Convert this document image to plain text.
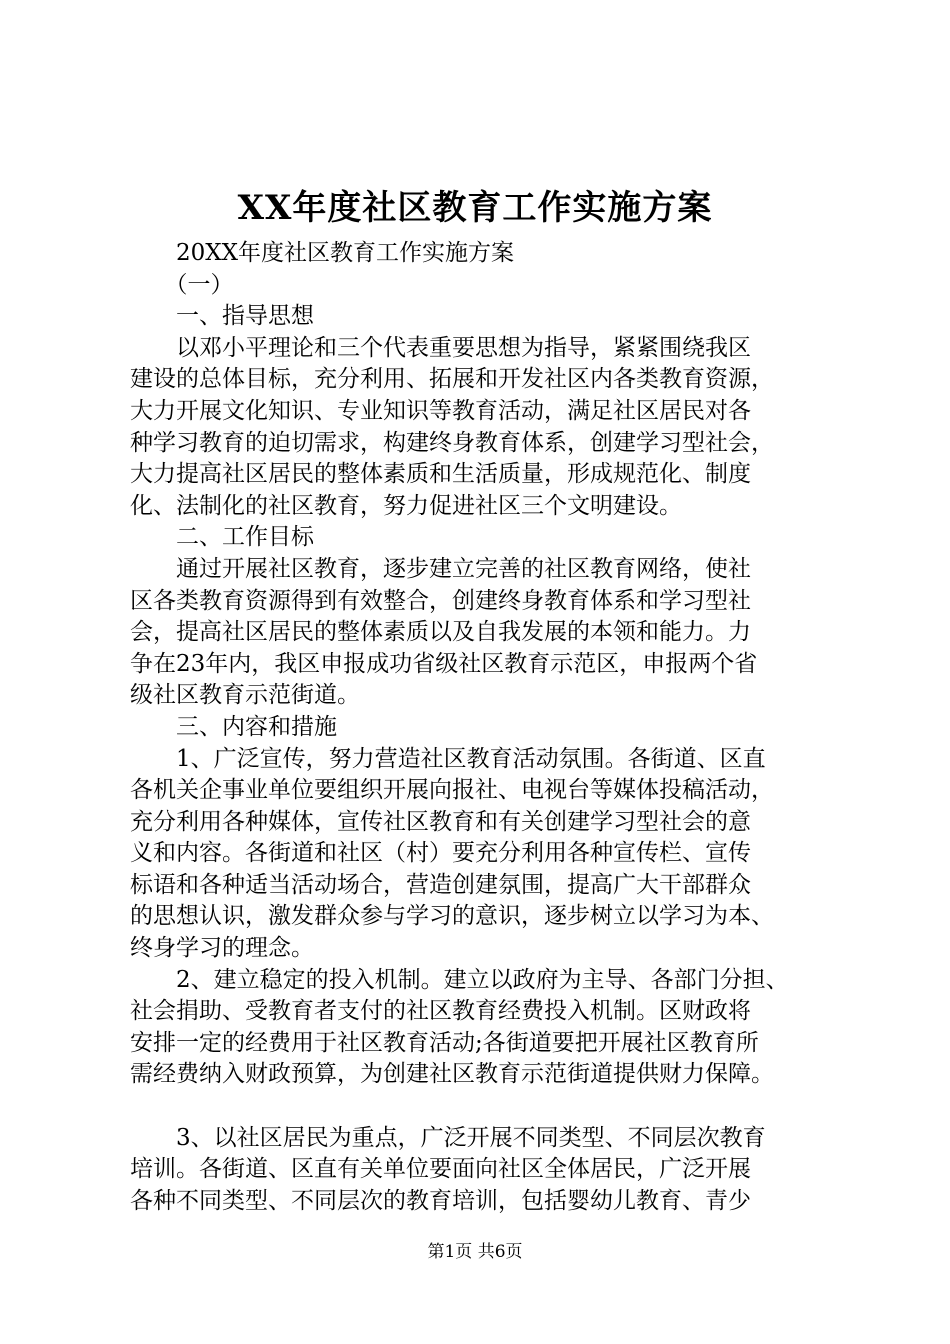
XX年度社区教育工作实施方案

　　20XX年度社区教育工作实施方案

　　（一）

　　一、指导思想

　　以邓小平理论和三个代表重要思想为指导，紧紧围绕我区

建设的总体目标，充分利用、拓展和开发社区内各类教育资源，

大力开展文化知识、专业知识等教育活动，满足社区居民对各

种学习教育的迫切需求，构建终身教育体系，创建学习型社会，

大力提高社区居民的整体素质和生活质量，形成规范化、制度

化、法制化的社区教育，努力促进社区三个文明建设。

　　二、工作目标

　　通过开展社区教育，逐步建立完善的社区教育网络，使社

区各类教育资源得到有效整合，创建终身教育体系和学习型社

会，提高社区居民的整体素质以及自我发展的本领和能力。力

争在23年内，我区申报成功省级社区教育示范区，申报两个省

级社区教育示范街道。

　　三、内容和措施

　　1、广泛宣传，努力营造社区教育活动氛围。各街道、区直

各机关企事业单位要组织开展向报社、电视台等媒体投稿活动，

充分利用各种媒体，宣传社区教育和有关创建学习型社会的意

义和内容。各街道和社区（村）要充分利用各种宣传栏、宣传

标语和各种适当活动场合，营造创建氛围，提高广大干部群众

的思想认识，激发群众参与学习的意识，逐步树立以学习为本、

终身学习的理念。

　　2、建立稳定的投入机制。建立以政府为主导、各部门分担、

社会捐助、受教育者支付的社区教育经费投入机制。区财政将

安排一定的经费用于社区教育活动;各街道要把开展社区教育所

需经费纳入财政预算，为创建社区教育示范街道提供财力保障。

　　3、以社区居民为重点，广泛开展不同类型、不同层次教育

培训。各街道、区直有关单位要面向社区全体居民，广泛开展

各种不同类型、不同层次的教育培训，包括婴幼儿教育、青少

第1页 共6页
